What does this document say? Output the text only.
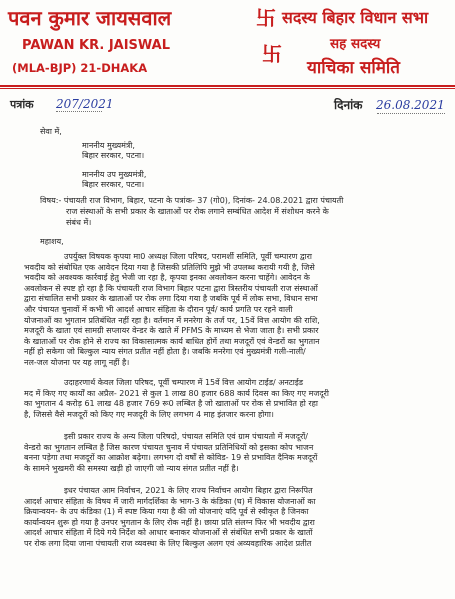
पवन कुमार जायसवाल
PAWAN KR. JAISWAL
(MLA-BJP) 21-DHAKA
सदस्य बिहार विधान सभा
卐
सह सदस्य
卐
याचिका समिति
पत्रांक 207/2021	दिनांक 26.08.2021
सेवा में,
माननीय मुख्यमंत्री,
बिहार सरकार, पटना।
माननीय उप मुख्यमंत्री,
बिहार सरकार, पटना।
विषय:- पंचायती राज विभाग, बिहार, पटना के पत्रांक- 37 (गो0), दिनांक- 24.08.2021 द्वारा पंचायती
राज संस्थाओं के सभी प्रकार के खाताओं पर रोक लगाने सम्बंधित आदेश में संशोधन करने के
संबंध में।
महाशय,
उपर्युक्त विषयक कृपया मा0 अध्यक्ष जिला परिषद, परामर्शी समिति, पूर्वी चम्पारण द्वारा
भवदीय को संबोधित एक आवेदन दिया गया है जिसकी प्रतिलिपि मुझे भी उपलब्ध करायी गयी है, जिसे
भवदीय को अवश्यक कार्रवाई हेतु भेजी जा रहा है, कृपया इनका अवलोकन करना चाहेंगे। आवेदन के
अवलोकन से स्पष्ट हो रहा है कि पंचायती राज विभाग बिहार पटना द्वारा त्रिस्तरीय पंचायती राज संस्थाओं
द्वारा संचालित सभी प्रकार के खाताओं पर रोक लगा दिया गया है जबकि पूर्व में लोक सभा, विधान सभा
और पंचायत चुनावों में कभी भी आदर्श आचार संहिता के दौरान पूर्व/ कार्य प्रगति पर रहने वाली
योजनाओं का भुगतान प्रतिबंधित नहीं रहा है। वर्तमान में मनरेगा के तर्ज पर, 15वें वित्त आयोग की राशि,
मजदूरी के खाता एवं सामग्री सप्लायर वेन्डर के खाते में PFMS के माध्यम से भेजा जाता है। सभी प्रकार
के खाताओं पर रोक होने से राज्य का विकासात्मक कार्य बाधित होगें तथा मजदूरों एवं वेन्डरों का भुगतान
नहीं हो सकेगा जो बिल्कुल न्याय संगत प्रतीत नहीं होता है। जबकि मनरेगा एवं मुख्यमंत्री गली-नाली/
नल-जल योजना पर यह लागू नहीं है।
उदाहरणार्थ केवल जिला परिषद, पूर्वी चम्पारण में 15वें वित्त आयोग टाईड/ अनटाईड
मद में किए गए कार्यों का अप्रैल- 2021 से कुल 1 लाख 80 हजार 688 कार्य दिवस का किए गए मजदूरी
का भुगतान 4 करोड़ 61 लाख 48 हजार 769 रू0 लम्बित है जो खाताओं पर रोक से प्रभावित हो रहा
है, जिससे वैसे मजदूरों को किए गए मजदूरी के लिए लगभग 4 माह इंतजार करना होगा।
इसी प्रकार राज्य के अन्य जिला परिषदो, पंचायत समिति एवं ग्राम पंचायतो में मजदूरों/
वेन्डरो का भुगतान लम्बित है जिस कारण पंचायत चुनाव में पंचायत प्रतिनिधियों को इसका कोप भाजन
बनना पड़ेगा तथा मजदूरों का आक्रोश बढ़ेगा। लगभग दो वर्षों से कोविड- 19 से प्रभावित दैनिक मजदूरों
के सामने भुखमरी की समस्या खड़ी हो जाएगी जो न्याय संगत प्रतीत नहीं है।
इधर पंचायत आम निर्वाचन, 2021 के लिए राज्य निर्वाचन आयोग बिहार द्वारा निरूपित
आदर्श आचार संहिता के विषय में जारी मार्गदर्शिका के भाग-3 के कंडिका (घ) में विकास योजनाओं का
क्रियान्वयन- के उप कंडिका (1) में स्पष्ट किया गया है की जो योजनाएं यदि पूर्व से स्वीकृत है जिनका
कार्यान्वयन शुरू हो गया है उनपर भुगतान के लिए रोक नहीं है। छाया प्रति संलग्न फिर भी भवदीय द्वारा
आदर्श आचार संहिता में दिये गये निर्देश को आधार बनाकर योजनाओं से संबंधित सभी प्रकार के खातों
पर रोक लगा दिया जाना पंचायती राज व्यवस्था के लिए बिल्कुल अलग एवं अव्यवहारिक आदेश प्रतीत
